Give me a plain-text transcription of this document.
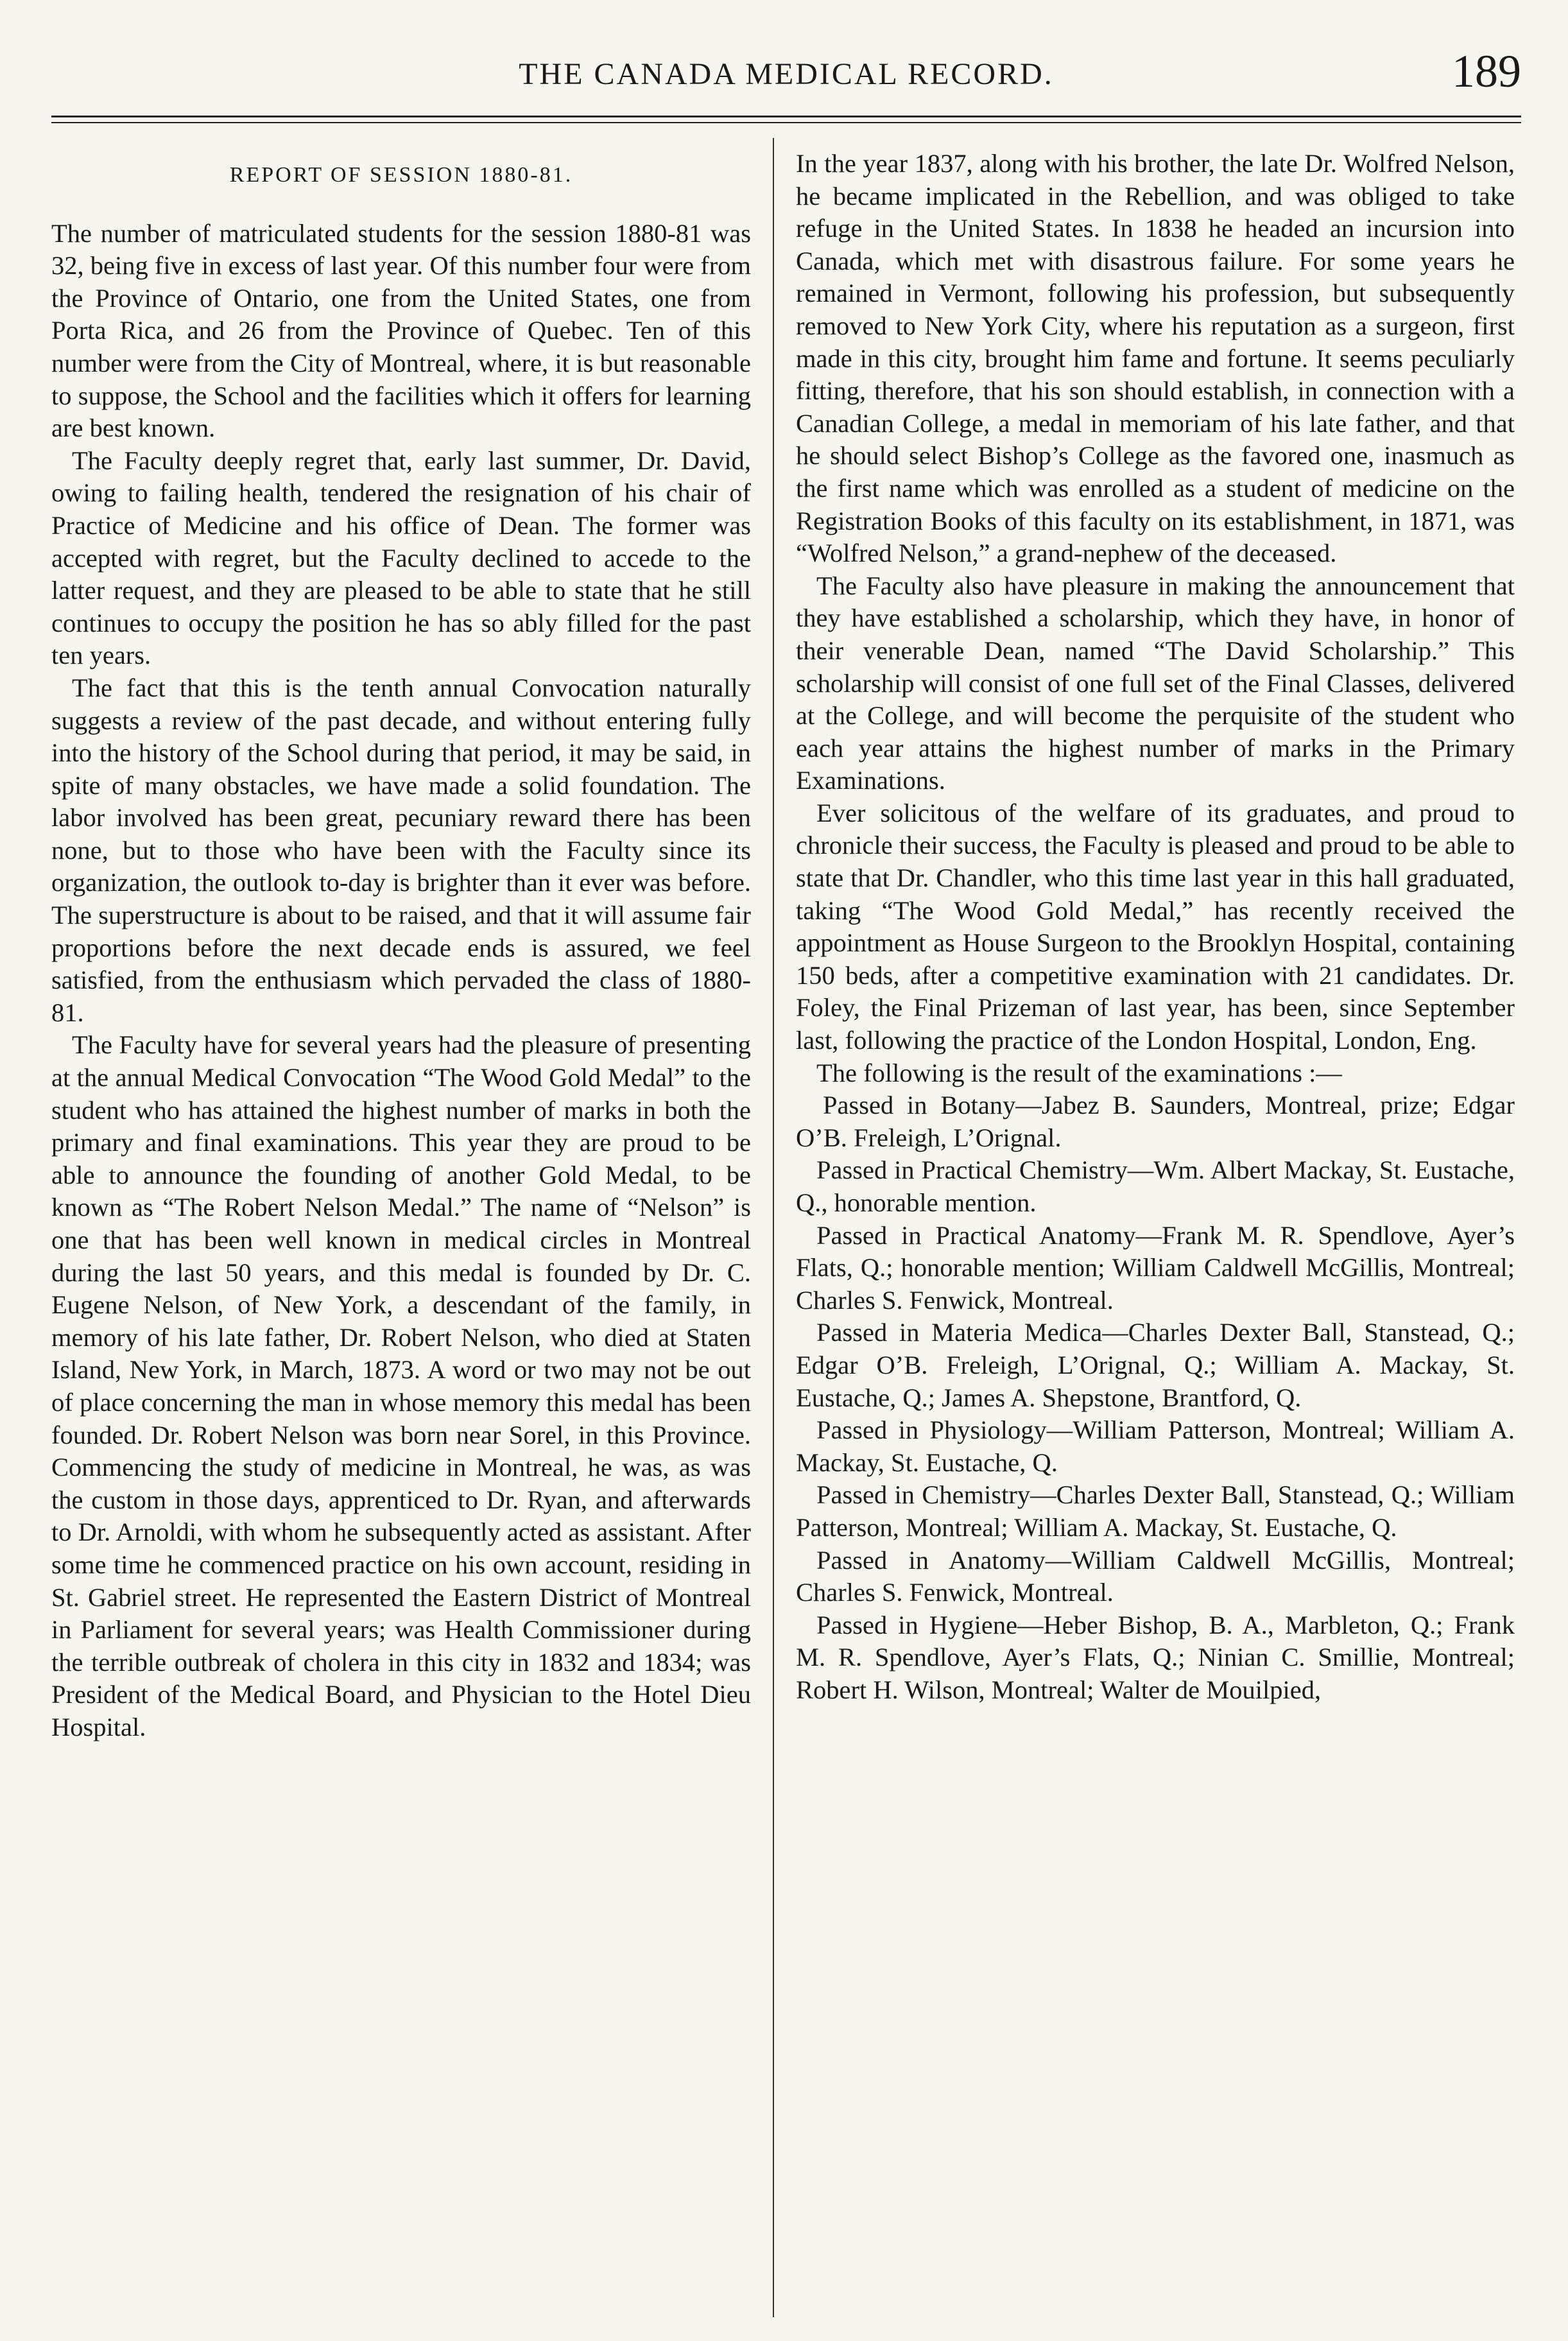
THE CANADA MEDICAL RECORD.	189
REPORT OF SESSION 1880-81.

The number of matriculated students for the session 1880-81 was 32, being five in excess of last year. Of this number four were from the Province of Ontario, one from the United States, one from Porta Rica, and 26 from the Province of Quebec. Ten of this number were from the City of Montreal, where, it is but reasonable to suppose, the School and the facilities which it offers for learning are best known.

The Faculty deeply regret that, early last summer, Dr. David, owing to failing health, tendered the resignation of his chair of Practice of Medicine and his office of Dean. The former was accepted with regret, but the Faculty declined to accede to the latter request, and they are pleased to be able to state that he still continues to occupy the position he has so ably filled for the past ten years.

The fact that this is the tenth annual Convocation naturally suggests a review of the past decade, and without entering fully into the history of the School during that period, it may be said, in spite of many obstacles, we have made a solid foundation. The labor involved has been great, pecuniary reward there has been none, but to those who have been with the Faculty since its organization, the outlook to-day is brighter than it ever was before. The superstructure is about to be raised, and that it will assume fair proportions before the next decade ends is assured, we feel satisfied, from the enthusiasm which pervaded the class of 1880-81.

The Faculty have for several years had the pleasure of presenting at the annual Medical Convocation “The Wood Gold Medal” to the student who has attained the highest number of marks in both the primary and final examinations. This year they are proud to be able to announce the founding of another Gold Medal, to be known as “The Robert Nelson Medal.” The name of “Nelson” is one that has been well known in medical circles in Montreal during the last 50 years, and this medal is founded by Dr. C. Eugene Nelson, of New York, a descendant of the family, in memory of his late father, Dr. Robert Nelson, who died at Staten Island, New York, in March, 1873. A word or two may not be out of place concerning the man in whose memory this medal has been founded. Dr. Robert Nelson was born near Sorel, in this Province. Commencing the study of medicine in Montreal, he was, as was the custom in those days, apprenticed to Dr. Ryan, and afterwards to Dr. Arnoldi, with whom he subsequently acted as assistant. After some time he commenced practice on his own account, residing in St. Gabriel street. He represented the Eastern District of Montreal in Parliament for several years; was Health Commissioner during the terrible outbreak of cholera in this city in 1832 and 1834; was President of the Medical Board, and Physician to the Hotel Dieu Hospital.

In the year 1837, along with his brother, the late Dr. Wolfred Nelson, he became implicated in the Rebellion, and was obliged to take refuge in the United States. In 1838 he headed an incursion into Canada, which met with disastrous failure. For some years he remained in Vermont, following his profession, but subsequently removed to New York City, where his reputation as a surgeon, first made in this city, brought him fame and fortune. It seems peculiarly fitting, therefore, that his son should establish, in connection with a Canadian College, a medal in memoriam of his late father, and that he should select Bishop’s College as the favored one, inasmuch as the first name which was enrolled as a student of medicine on the Registration Books of this faculty on its establishment, in 1871, was “Wolfred Nelson,” a grand-nephew of the deceased.

The Faculty also have pleasure in making the announcement that they have established a scholarship, which they have, in honor of their venerable Dean, named “The David Scholarship.” This scholarship will consist of one full set of the Final Classes, delivered at the College, and will become the perquisite of the student who each year attains the highest number of marks in the Primary Examinations.

Ever solicitous of the welfare of its graduates, and proud to chronicle their success, the Faculty is pleased and proud to be able to state that Dr. Chandler, who this time last year in this hall graduated, taking “The Wood Gold Medal,” has recently received the appointment as House Surgeon to the Brooklyn Hospital, containing 150 beds, after a competitive examination with 21 candidates. Dr. Foley, the Final Prizeman of last year, has been, since September last, following the practice of the London Hospital, London, Eng.

The following is the result of the examinations :—

Passed in Botany—Jabez B. Saunders, Montreal, prize; Edgar O’B. Freleigh, L’Orignal.

Passed in Practical Chemistry—Wm. Albert Mackay, St. Eustache, Q., honorable mention.

Passed in Practical Anatomy—Frank M. R. Spendlove, Ayer’s Flats, Q.; honorable mention; William Caldwell McGillis, Montreal; Charles S. Fenwick, Montreal.

Passed in Materia Medica—Charles Dexter Ball, Stanstead, Q.; Edgar O’B. Freleigh, L’Orignal, Q.; William A. Mackay, St. Eustache, Q.; James A. Shepstone, Brantford, Q.

Passed in Physiology—William Patterson, Montreal; William A. Mackay, St. Eustache, Q.

Passed in Chemistry—Charles Dexter Ball, Stanstead, Q.; William Patterson, Montreal; William A. Mackay, St. Eustache, Q.

Passed in Anatomy—William Caldwell McGillis, Montreal; Charles S. Fenwick, Montreal.

Passed in Hygiene—Heber Bishop, B. A., Marbleton, Q.; Frank M. R. Spendlove, Ayer’s Flats, Q.; Ninian C. Smillie, Montreal; Robert H. Wilson, Montreal; Walter de Mouilpied,
